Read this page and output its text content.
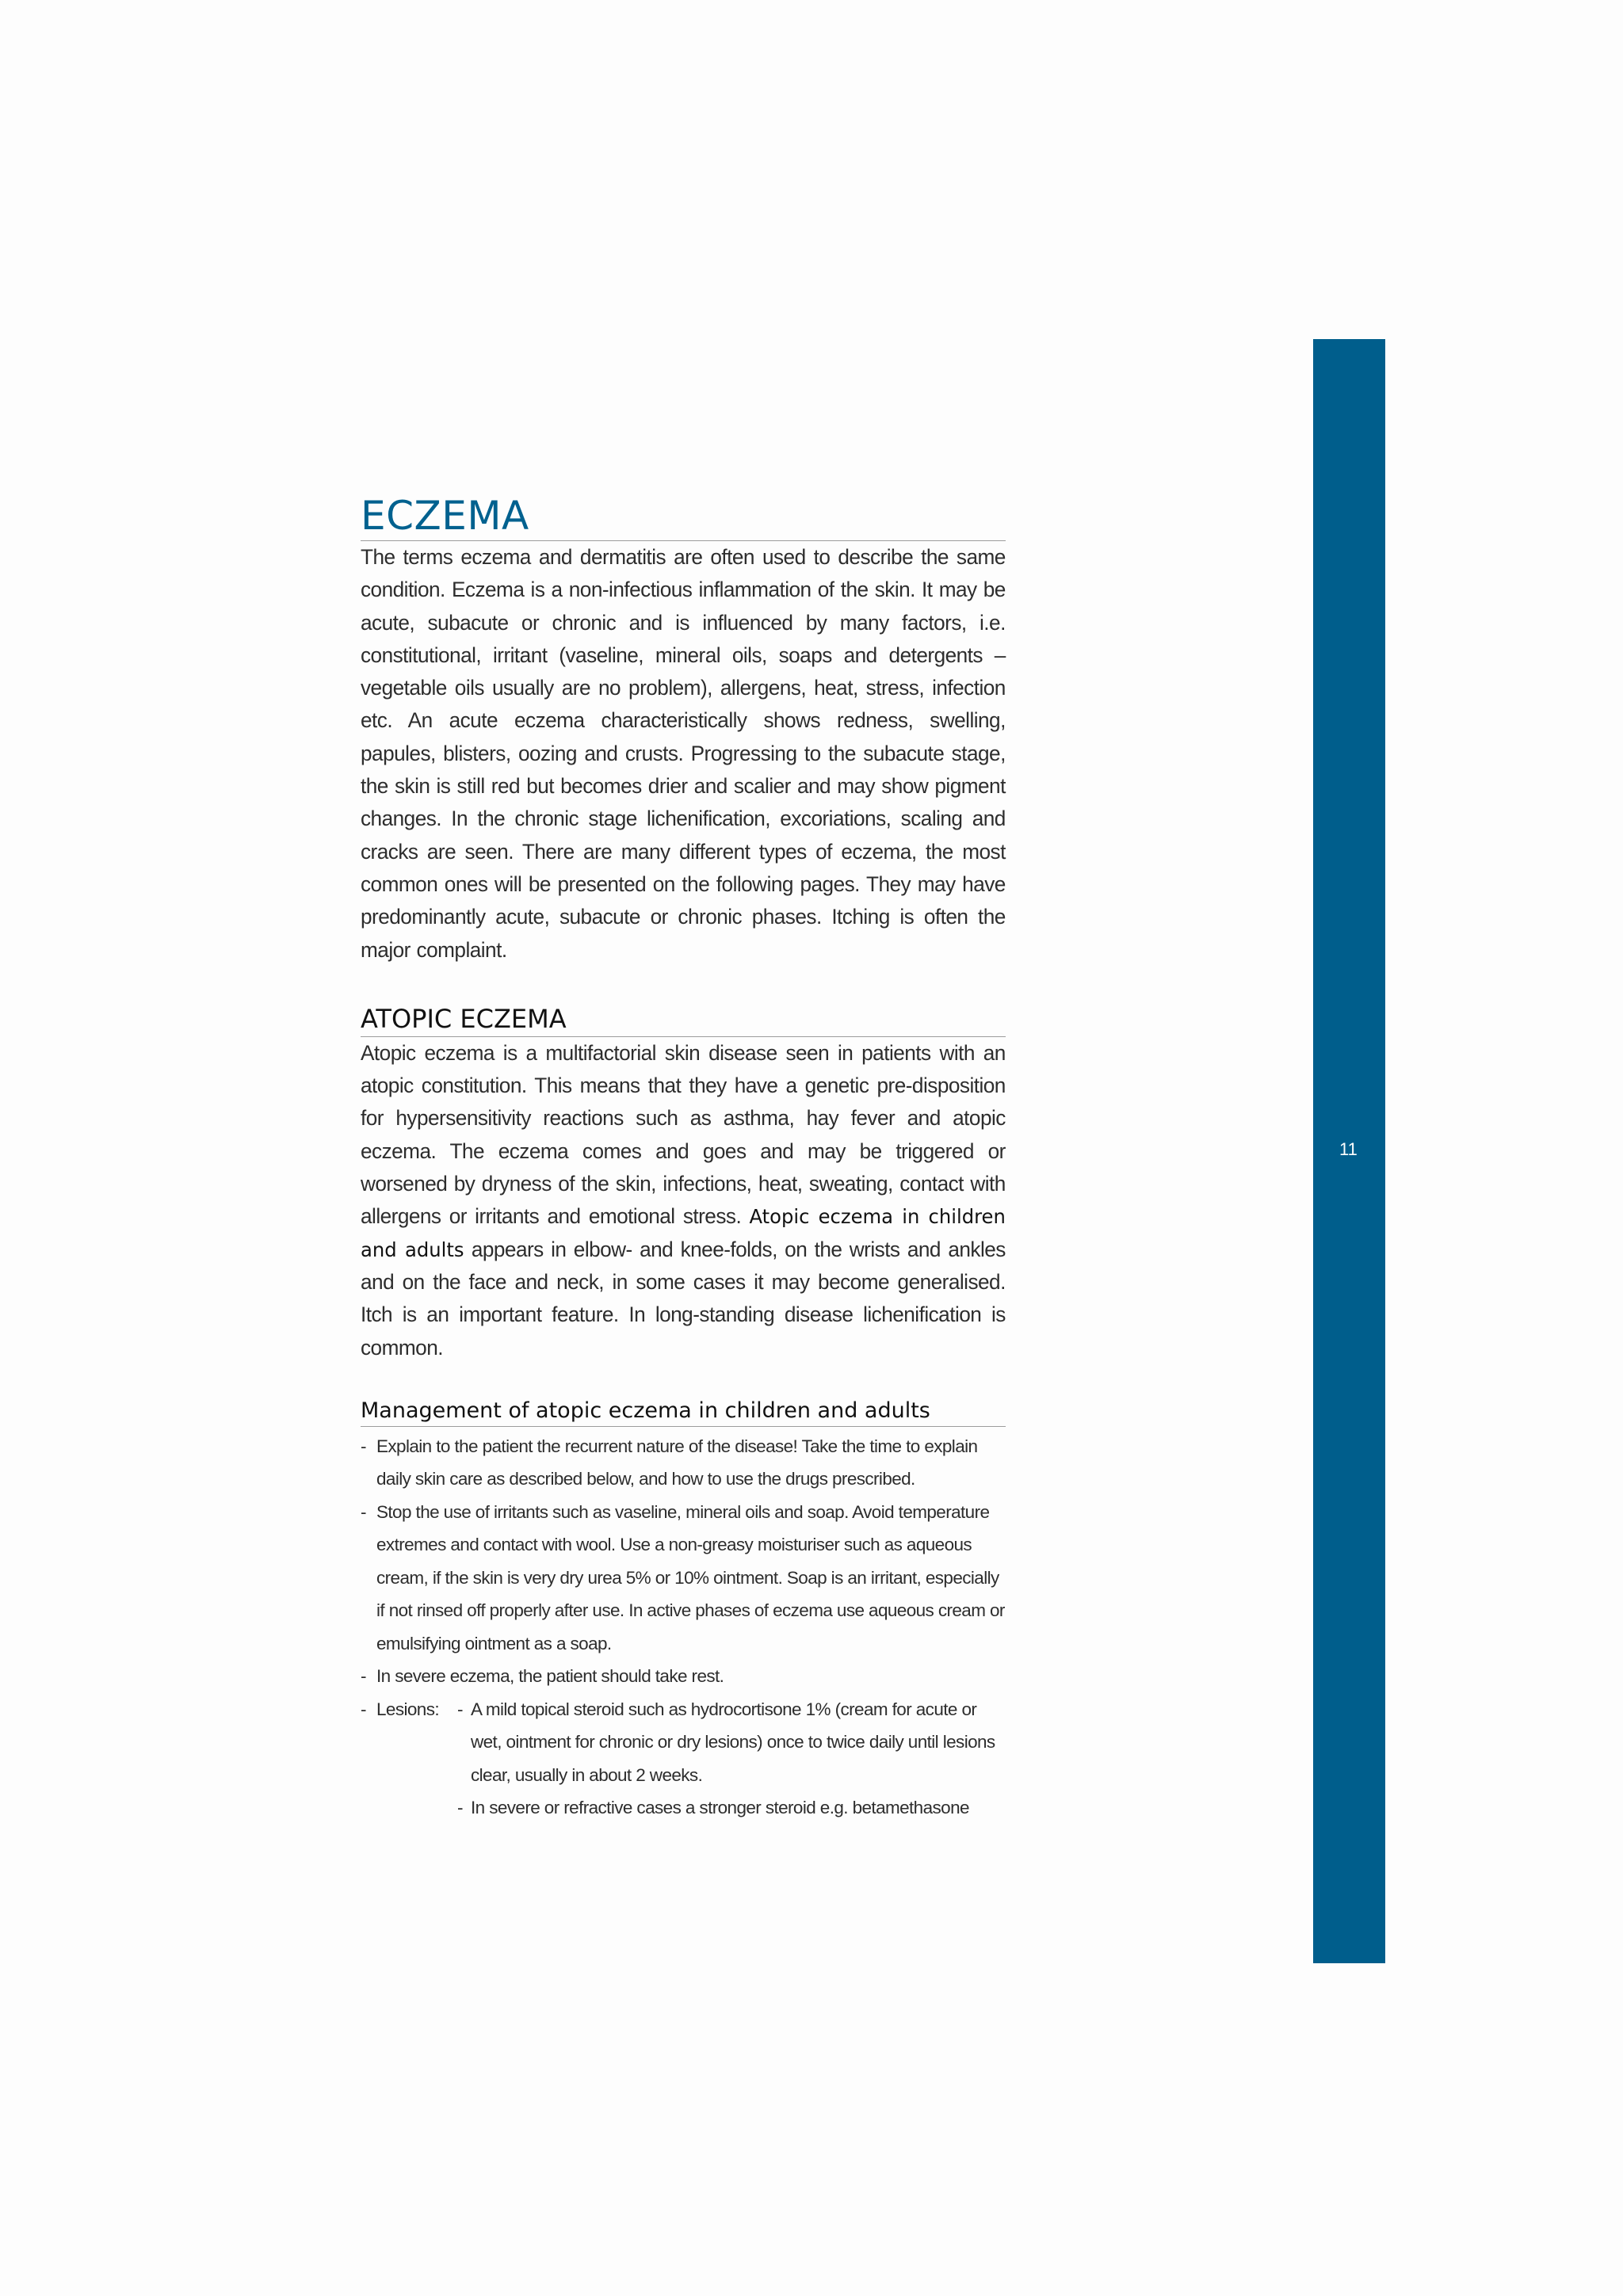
11
ECZEMA

The terms eczema and dermatitis are often used to describe the same condition. Eczema is a non-infectious inflammation of the skin. It may be acute, subacute or chronic and is influenced by many factors, i.e. constitutional, irritant (vaseline, mineral oils, soaps and detergents – vegetable oils usually are no problem), allergens, heat, stress, infection etc. An acute eczema characteristically shows redness, swelling, papules, blisters, oozing and crusts. Progressing to the subacute stage, the skin is still red but becomes drier and scalier and may show pigment changes. In the chronic stage lichenification, excoriations, scaling and cracks are seen. There are many different types of eczema, the most common ones will be presented on the following pages. They may have predominantly acute, subacute or chronic phases. Itching is often the major complaint.

ATOPIC ECZEMA

Atopic eczema is a multifactorial skin disease seen in patients with an atopic constitution. This means that they have a genetic pre-disposition for hypersensitivity reactions such as asthma, hay fever and atopic eczema. The eczema comes and goes and may be triggered or worsened by dryness of the skin, infections, heat, sweating, contact with allergens or irritants and emotional stress. Atopic eczema in children and adults appears in elbow- and knee-folds, on the wrists and ankles and on the face and neck, in some cases it may become generalised. Itch is an important feature. In long-standing disease lichenification is common.

Management of atopic eczema in children and adults
- Explain to the patient the recurrent nature of the disease! Take the time to explain daily skin care as described below, and how to use the drugs prescribed.
- Stop the use of irritants such as vaseline, mineral oils and soap. Avoid temperature extremes and contact with wool. Use a non-greasy moisturiser such as aqueous cream, if the skin is very dry urea 5% or 10% ointment. Soap is an irritant, especially if not rinsed off properly after use. In active phases of eczema use aqueous cream or emulsifying ointment as a soap.
- In severe eczema, the patient should take rest.
- Lesions:
-	A mild topical steroid such as hydrocortisone 1% (cream for acute or wet, ointment for chronic or dry lesions) once to twice daily until lesions clear, usually in about 2 weeks.
- In severe or refractive cases a stronger steroid e.g. betamethasone
